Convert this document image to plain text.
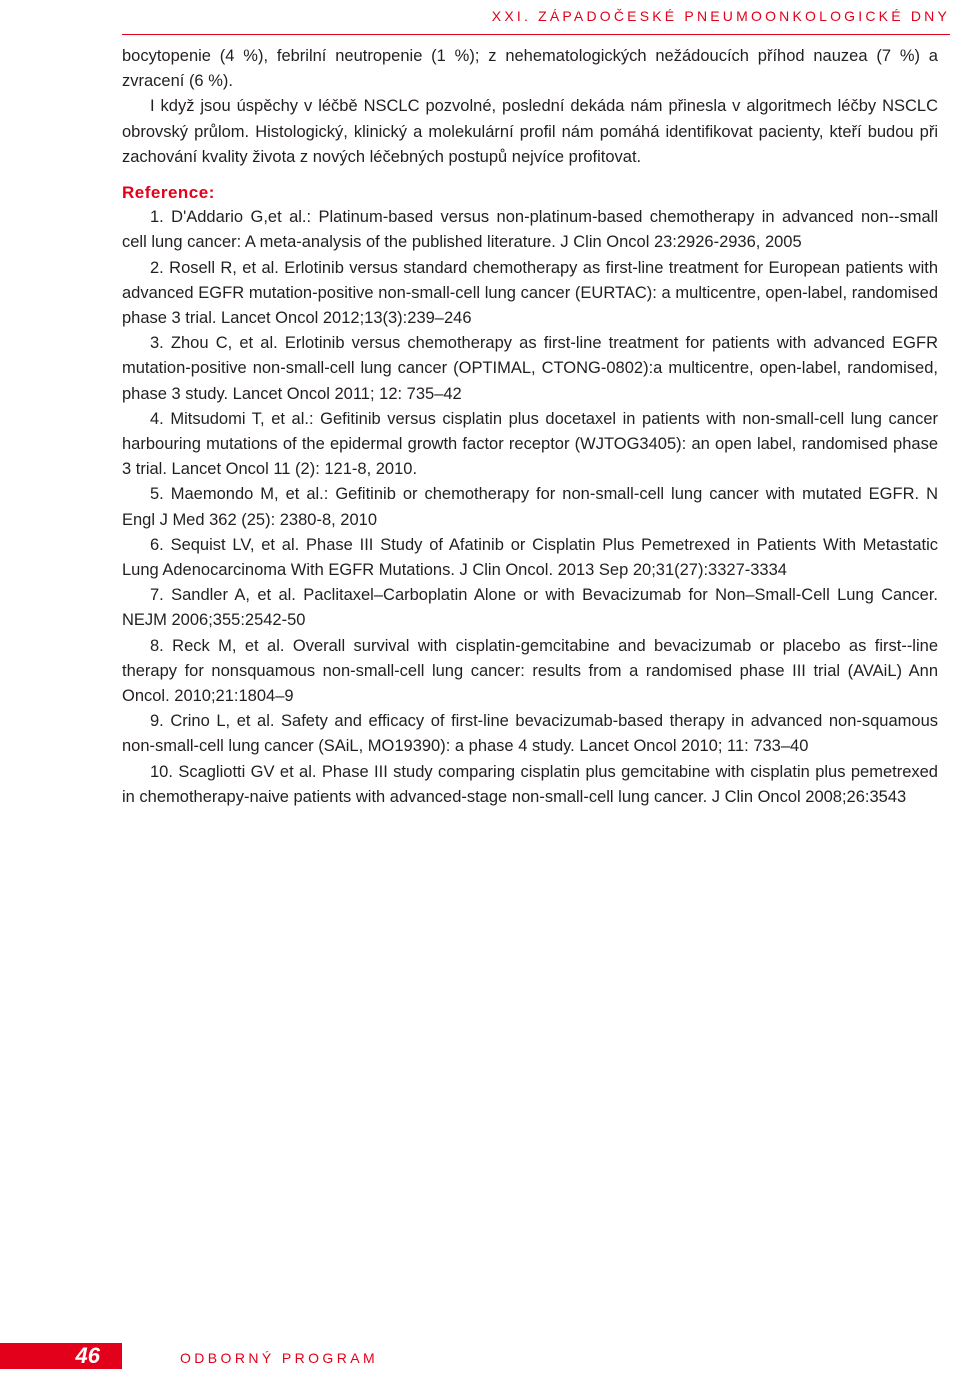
XXI. ZÁPADOČESKÉ PNEUMOONKOLOGICKÉ DNY

bocytopenie (4 %), febrilní neutropenie (1 %); z nehematologických nežádoucích příhod nauzea (7 %) a zvracení (6 %).

I když jsou úspěchy v léčbě NSCLC pozvolné, poslední dekáda nám přinesla v algoritmech léčby NSCLC obrovský průlom. Histologický, klinický a molekulární profil nám pomáhá identifikovat pacienty, kteří budou při zachování kvality života z nových léčebných postupů nejvíce profitovat.

Reference:

1. D'Addario G,et al.: Platinum-based versus non-platinum-based chemotherapy in advanced non--small cell lung cancer: A meta-analysis of the published literature. J Clin Oncol 23:2926-2936, 2005

2. Rosell R, et al. Erlotinib versus standard chemotherapy as first-line treatment for European patients with advanced EGFR mutation-positive non-small-cell lung cancer (EURTAC): a multicentre, open-label, randomised phase 3 trial. Lancet Oncol 2012;13(3):239–246

3. Zhou C, et al. Erlotinib versus chemotherapy as first-line treatment for patients with advanced EGFR mutation-positive non-small-cell lung cancer (OPTIMAL, CTONG-0802):a multicentre, open-label, randomised, phase 3 study. Lancet Oncol 2011; 12: 735–42

4. Mitsudomi T, et al.: Gefitinib versus cisplatin plus docetaxel in patients with non-small-cell lung cancer harbouring mutations of the epidermal growth factor receptor (WJTOG3405): an open label, randomised phase 3 trial. Lancet Oncol 11 (2): 121-8, 2010.

5. Maemondo M, et al.: Gefitinib or chemotherapy for non-small-cell lung cancer with mutated EGFR. N Engl J Med 362 (25): 2380-8, 2010

6. Sequist LV, et al. Phase III Study of Afatinib or Cisplatin Plus Pemetrexed in Patients With Metastatic Lung Adenocarcinoma With EGFR Mutations. J Clin Oncol. 2013 Sep 20;31(27):3327-3334

7. Sandler A, et al. Paclitaxel–Carboplatin Alone or with Bevacizumab for Non–Small-Cell Lung Cancer. NEJM 2006;355:2542-50

8. Reck M, et al. Overall survival with cisplatin-gemcitabine and bevacizumab or placebo as first--line therapy for nonsquamous non-small-cell lung cancer: results from a randomised phase III trial (AVAiL) Ann Oncol. 2010;21:1804–9

9. Crino L, et al. Safety and efficacy of first-line bevacizumab-based therapy in advanced non-squamous non-small-cell lung cancer (SAiL, MO19390): a phase 4 study. Lancet Oncol 2010; 11: 733–40

10. Scagliotti GV et al. Phase III study comparing cisplatin plus gemcitabine with cisplatin plus pemetrexed in chemotherapy-naive patients with advanced-stage non-small-cell lung cancer. J Clin Oncol 2008;26:3543

46	ODBORNÝ PROGRAM
